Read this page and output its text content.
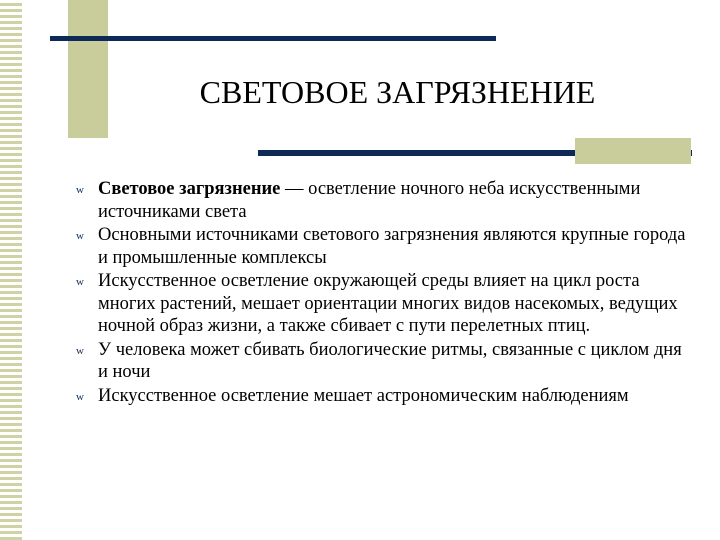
СВЕТОВОЕ ЗАГРЯЗНЕНИЕ
w Световое загрязнение — осветление ночного неба искусственными источниками света
w Основными источниками светового загрязнения являются крупные города и промышленные комплексы
w Искусственное осветление окружающей среды влияет на цикл роста многих растений, мешает ориентации многих видов насекомых, ведущих ночной образ жизни, а также сбивает с пути перелетных птиц.
w У человека может сбивать биологические ритмы, связанные с циклом дня и ночи
w Искусственное осветление мешает астрономическим наблюдениям
